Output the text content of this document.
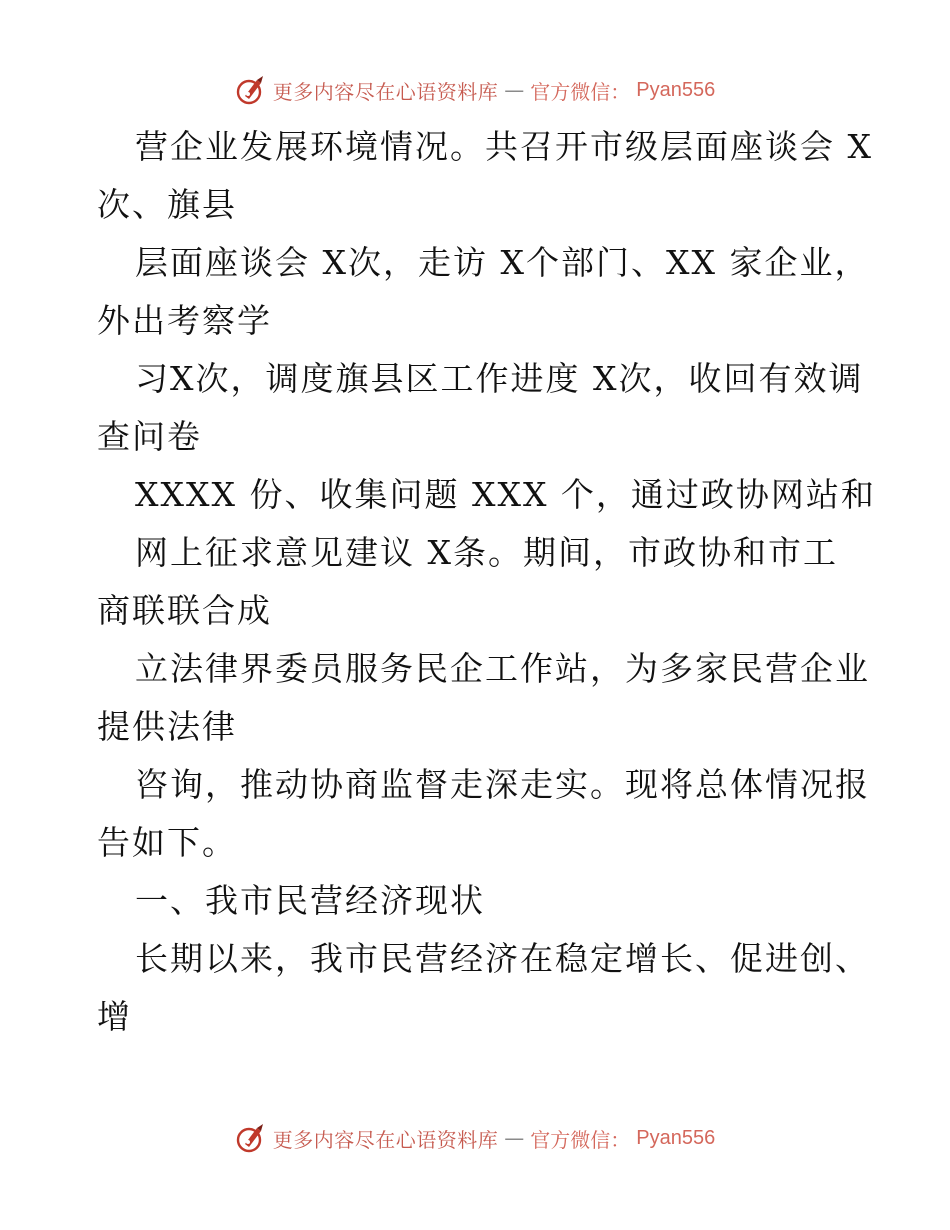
更多内容尽在心语资料库 — 官方微信： Pyan556
营企业发展环境情况。共召开市级层面座谈会 X
次、旗县
层面座谈会 X次，走访 X个部门、XX 家企业，
外出考察学
习X次，调度旗县区工作进度 X次，收回有效调
查问卷
XXXX 份、收集问题 XXX 个，通过政协网站和
网上征求意见建议 X条。期间，市政协和市工
商联联合成
立法律界委员服务民企工作站，为多家民营企业
提供法律
咨询，推动协商监督走深走实。现将总体情况报
告如下。
一、我市民营经济现状
长期以来，我市民营经济在稳定增长、促进创、
增
更多内容尽在心语资料库 — 官方微信： Pyan556
